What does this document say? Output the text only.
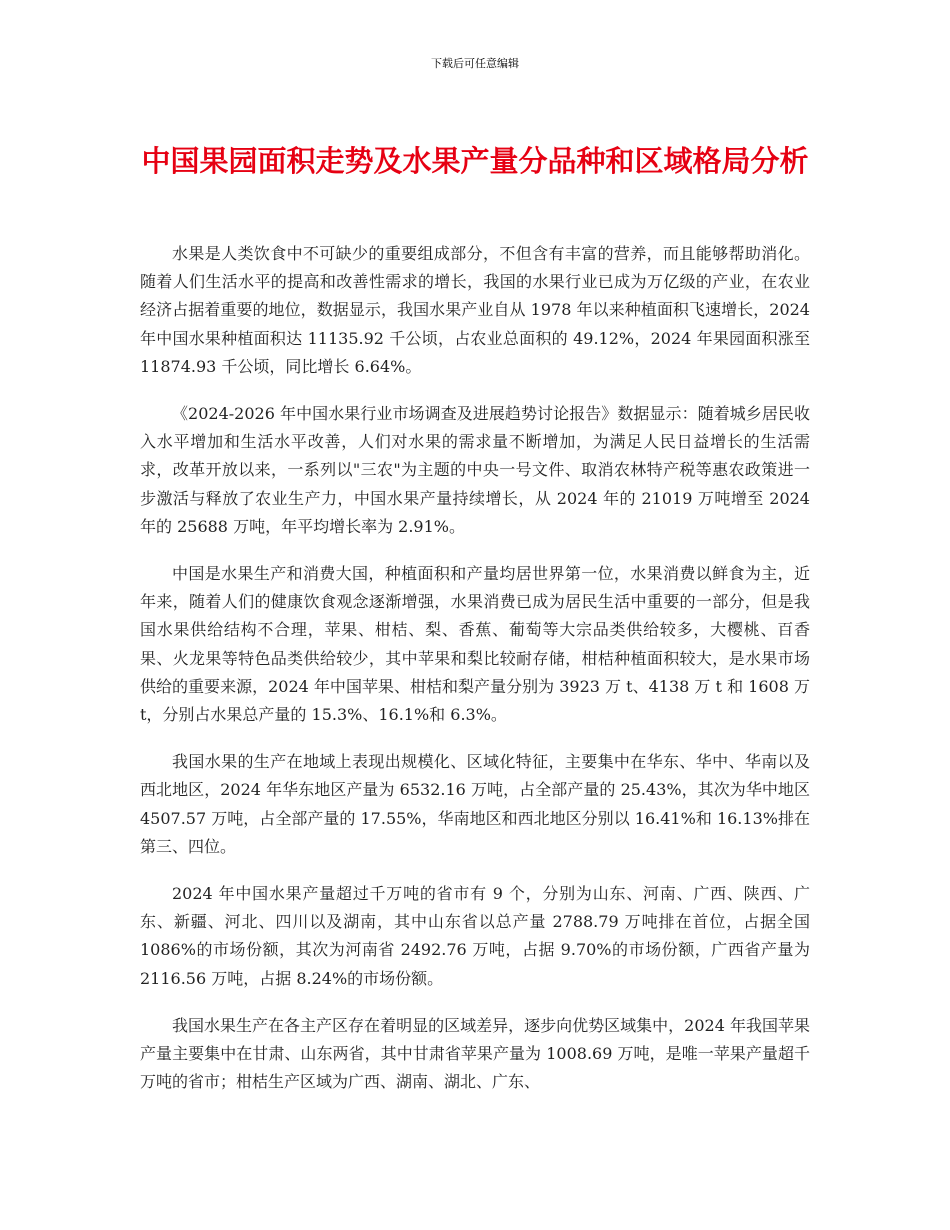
下载后可任意编辑
中国果园面积走势及水果产量分品种和区域格局分析

水果是人类饮食中不可缺少的重要组成部分，不但含有丰富的营养，而且能够帮助消化。随着人们生活水平的提高和改善性需求的增长，我国的水果行业已成为万亿级的产业，在农业经济占据着重要的地位，数据显示，我国水果产业自从 1978 年以来种植面积飞速增长，2024 年中国水果种植面积达 11135.92 千公顷，占农业总面积的 49.12%，2024 年果园面积涨至 11874.93 千公顷，同比增长 6.64%。

《2024-2026 年中国水果行业市场调查及进展趋势讨论报告》数据显示：随着城乡居民收入水平增加和生活水平改善，人们对水果的需求量不断增加，为满足人民日益增长的生活需求，改革开放以来，一系列以"三农"为主题的中央一号文件、取消农林特产税等惠农政策进一步激活与释放了农业生产力，中国水果产量持续增长，从 2024 年的 21019 万吨增至 2024 年的 25688 万吨，年平均增长率为 2.91%。

中国是水果生产和消费大国，种植面积和产量均居世界第一位，水果消费以鲜食为主，近年来，随着人们的健康饮食观念逐渐增强，水果消费已成为居民生活中重要的一部分，但是我国水果供给结构不合理，苹果、柑桔、梨、香蕉、葡萄等大宗品类供给较多，大樱桃、百香果、火龙果等特色品类供给较少，其中苹果和梨比较耐存储，柑桔种植面积较大，是水果市场供给的重要来源，2024 年中国苹果、柑桔和梨产量分别为 3923 万 t、4138 万 t 和 1608 万 t，分别占水果总产量的 15.3%、16.1%和 6.3%。

我国水果的生产在地域上表现出规模化、区域化特征，主要集中在华东、华中、华南以及西北地区，2024 年华东地区产量为 6532.16 万吨，占全部产量的 25.43%，其次为华中地区 4507.57 万吨，占全部产量的 17.55%，华南地区和西北地区分别以 16.41%和 16.13%排在第三、四位。

2024 年中国水果产量超过千万吨的省市有 9 个，分别为山东、河南、广西、陕西、广东、新疆、河北、四川以及湖南，其中山东省以总产量 2788.79 万吨排在首位，占据全国 1086%的市场份额，其次为河南省 2492.76 万吨，占据 9.70%的市场份额，广西省产量为 2116.56 万吨，占据 8.24%的市场份额。

我国水果生产在各主产区存在着明显的区域差异，逐步向优势区域集中，2024 年我国苹果产量主要集中在甘肃、山东两省，其中甘肃省苹果产量为 1008.69 万吨，是唯一苹果产量超千万吨的省市；柑桔生产区域为广西、湖南、湖北、广东、
